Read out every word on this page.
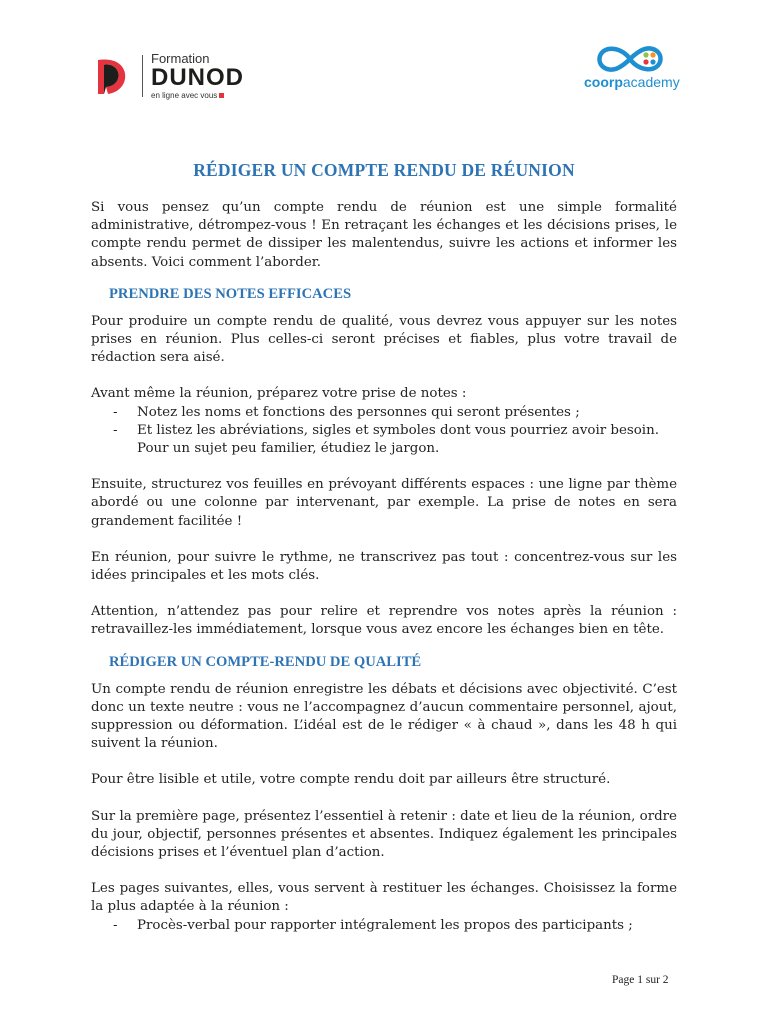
Formation
DUNOD
en ligne avec vous
coorpacademy
RÉDIGER UN COMPTE RENDU DE RÉUNION

Si vous pensez qu’un compte rendu de réunion est une simple formalité administrative, détrompez-vous ! En retraçant les échanges et les décisions prises, le compte rendu permet de dissiper les malentendus, suivre les actions et informer les absents. Voici comment l’aborder.

PRENDRE DES NOTES EFFICACES

Pour produire un compte rendu de qualité, vous devrez vous appuyer sur les notes prises en réunion. Plus celles-ci seront précises et fiables, plus votre travail de rédaction sera aisé.

Avant même la réunion, préparez votre prise de notes :

- Notez les noms et fonctions des personnes qui seront présentes ;
- Et listez les abréviations, sigles et symboles dont vous pourriez avoir besoin. Pour un sujet peu familier, étudiez le jargon.

Ensuite, structurez vos feuilles en prévoyant différents espaces : une ligne par thème abordé ou une colonne par intervenant, par exemple. La prise de notes en sera grandement facilitée !

En réunion, pour suivre le rythme, ne transcrivez pas tout : concentrez-vous sur les idées principales et les mots clés.

Attention, n’attendez pas pour relire et reprendre vos notes après la réunion : retravaillez-les immédiatement, lorsque vous avez encore les échanges bien en tête.

RÉDIGER UN COMPTE-RENDU DE QUALITÉ

Un compte rendu de réunion enregistre les débats et décisions avec objectivité. C’est donc un texte neutre : vous ne l’accompagnez d’aucun commentaire personnel, ajout, suppression ou déformation. L’idéal est de le rédiger « à chaud », dans les 48 h qui suivent la réunion.

Pour être lisible et utile, votre compte rendu doit par ailleurs être structuré.

Sur la première page, présentez l’essentiel à retenir : date et lieu de la réunion, ordre du jour, objectif, personnes présentes et absentes. Indiquez également les principales décisions prises et l’éventuel plan d’action.

Les pages suivantes, elles, vous servent à restituer les échanges. Choisissez la forme la plus adaptée à la réunion :

- Procès-verbal pour rapporter intégralement les propos des participants ;
Page 1 sur 2
